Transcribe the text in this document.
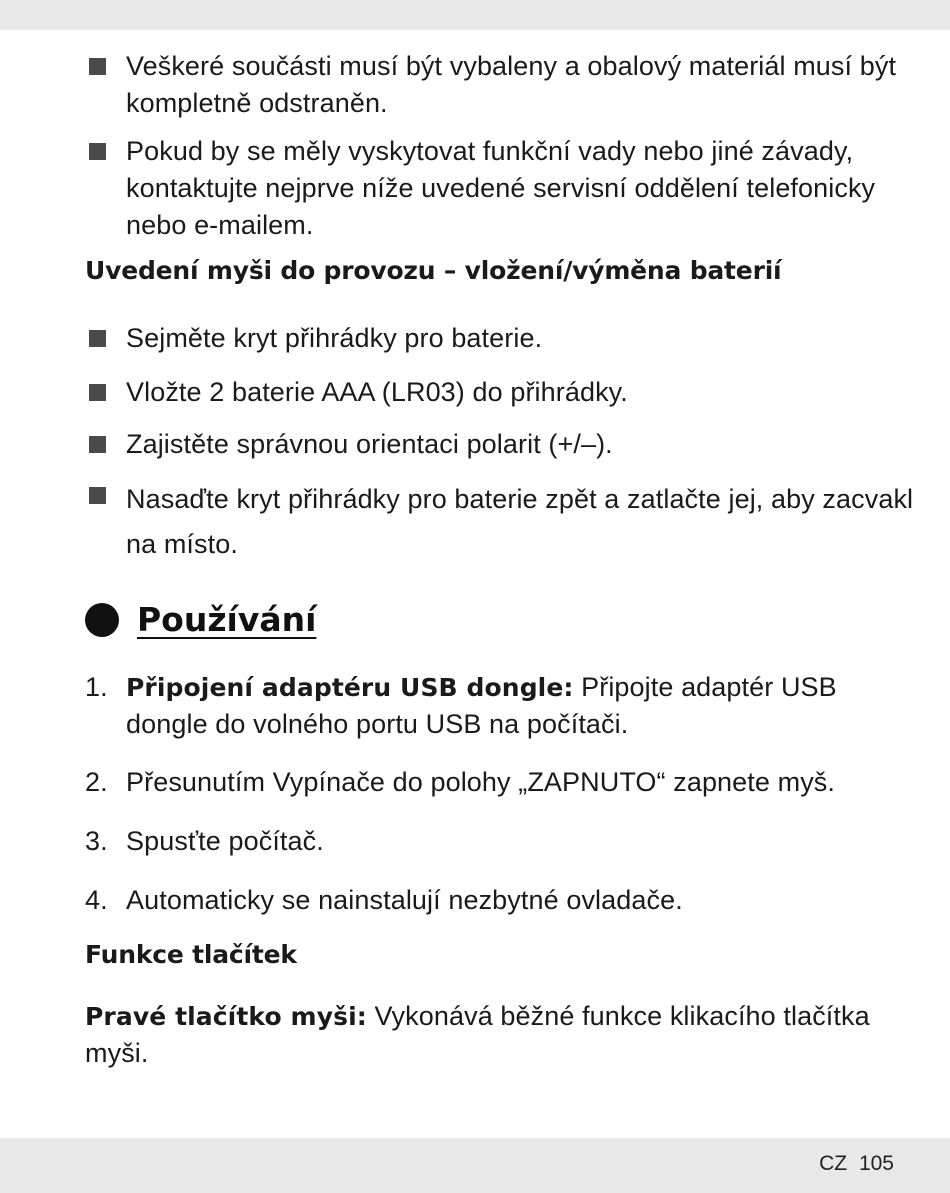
Veškeré součásti musí být vybaleny a obalový materiál musí být kompletně odstraněn.
Pokud by se měly vyskytovat funkční vady nebo jiné závady, kontaktujte nejprve níže uvedené servisní oddělení telefonicky nebo e-mailem.
Uvedení myši do provozu – vložení/výměna baterií
Sejměte kryt přihrádky pro baterie.
Vložte 2 baterie AAA (LR03) do přihrádky.
Zajistěte správnou orientaci polarit (+/–).
Nasaďte kryt přihrádky pro baterie zpět a zatlačte jej, aby zacvakl na místo.
Používání
1. Připojení adaptéru USB dongle: Připojte adaptér USB dongle do volného portu USB na počítači.
2. Přesunutím Vypínače do polohy „ZAPNUTO“ zapnete myš.
3. Spusťte počítač.
4. Automaticky se nainstalují nezbytné ovladače.
Funkce tlačítek
Pravé tlačítko myši: Vykonává běžné funkce klikacího tlačítka myši.
CZ 105
